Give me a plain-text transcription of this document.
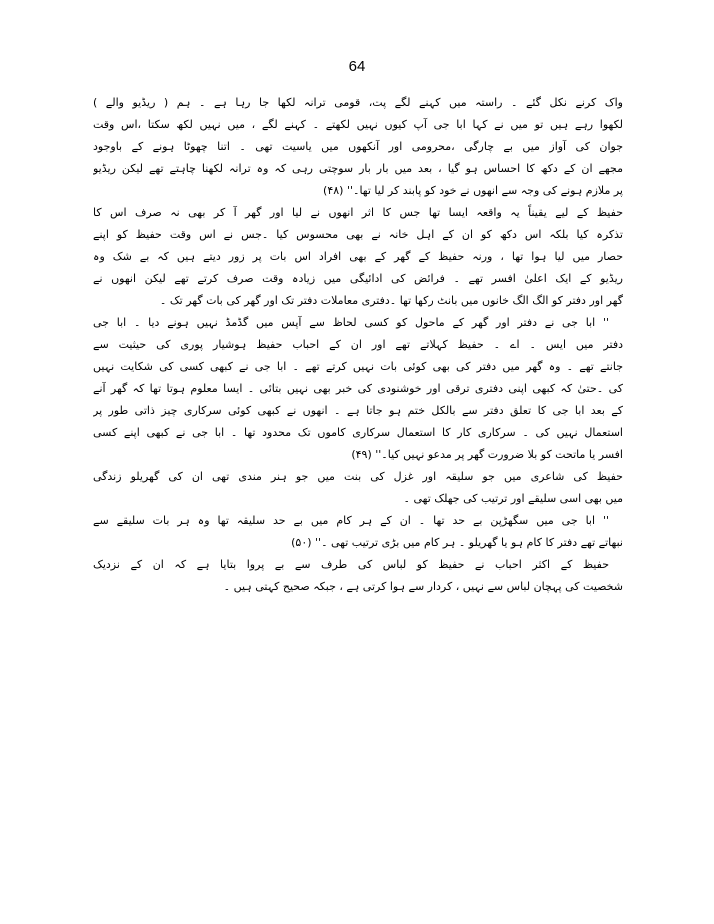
64
واک کرنے نکل گئے ۔ راستہ میں کہنے لگے پت، قومی ترانہ لکھا جا رہا ہے ۔ ہم ( ریڈیو والے )
لکھوا رہے ہیں تو میں نے کہا ابا جی آپ کیوں نہیں لکھتے ۔ کہنے لگے ، میں نہیں لکھ سکتا ،اس وقت
جوان کی آواز میں بے چارگی ،محرومی اور آنکھوں میں یاسیت تھی ۔ اتنا چھوٹا ہونے کے باوجود
مجھے ان کے دکھ کا احساس ہو گیا ، بعد میں بار بار سوچتی رہی کہ وہ ترانہ لکھنا چاہتے تھے لیکن ریڈیو
پر ملازم ہونے کی وجہ سے انھوں نے خود کو پابند کر لیا تھا۔'' (۴۸)
حفیظ کے لیے یقیناً یہ واقعہ ایسا تھا جس کا اثر انھوں نے لیا اور گھر آ کر بھی نہ صرف اس کا
تذکرہ کیا بلکہ اس دکھ کو ان کے اہل خانہ نے بھی محسوس کیا ۔جس نے اس وقت حفیظ کو اپنے
حصار میں لیا ہوا تھا ، ورنہ حفیظ کے گھر کے بھی افراد اس بات پر زور دیتے ہیں کہ بے شک وہ
ریڈیو کے ایک اعلیٰ افسر تھے ۔ فرائض کی ادائیگی میں زیادہ وقت صرف کرتے تھے لیکن انھوں نے
گھر اور دفتر کو الگ الگ خانوں میں بانٹ رکھا تھا ۔دفتری معاملات دفتر تک اور گھر کی بات گھر تک ۔
'' ابا جی نے دفتر اور گھر کے ماحول کو کسی لحاظ سے آپس میں گڈمڈ نہیں ہونے دیا ۔ ابا جی
دفتر میں ایس ۔ اے ۔ حفیظ کہلاتے تھے اور ان کے احباب حفیظ ہوشیار پوری کی حیثیت سے
جانتے تھے ۔ وہ گھر میں دفتر کی بھی کوئی بات نہیں کرتے تھے ۔ ابا جی نے کبھی کسی کی شکایت نہیں
کی ۔حتیٰ کہ کبھی اپنی دفتری ترقی اور خوشنودی کی خبر بھی نہیں بتائی ۔ ایسا معلوم ہوتا تھا کہ گھر آنے
کے بعد ابا جی کا تعلق دفتر سے بالکل ختم ہو جاتا ہے ۔ انھوں نے کبھی کوئی سرکاری چیز ذاتی طور پر
استعمال نہیں کی ۔ سرکاری کار کا استعمال سرکاری کاموں تک محدود تھا ۔ ابا جی نے کبھی اپنے کسی
افسر یا ماتحت کو بلا ضرورت گھر پر مدعو نہیں کیا۔'' (۴۹)
حفیظ کی شاعری میں جو سلیقہ اور غزل کی بنت میں جو ہنر مندی تھی ان کی گھریلو زندگی
میں بھی اسی سلیقے اور ترتیب کی جھلک تھی ۔
'' ابا جی میں سگھڑپن بے حد تھا ۔ ان کے ہر کام میں بے حد سلیقہ تھا وہ ہر بات سلیقے سے
نبھاتے تھے دفتر کا کام ہو یا گھریلو ۔ ہر کام میں بڑی ترتیب تھی ۔'' (۵۰)
حفیظ کے اکثر احباب نے حفیظ کو لباس کی طرف سے بے پروا بتایا ہے کہ ان کے نزدیک
شخصیت کی پہچان لباس سے نہیں ، کردار سے ہوا کرتی ہے ، جبکہ صحیح کہتی ہیں ۔
